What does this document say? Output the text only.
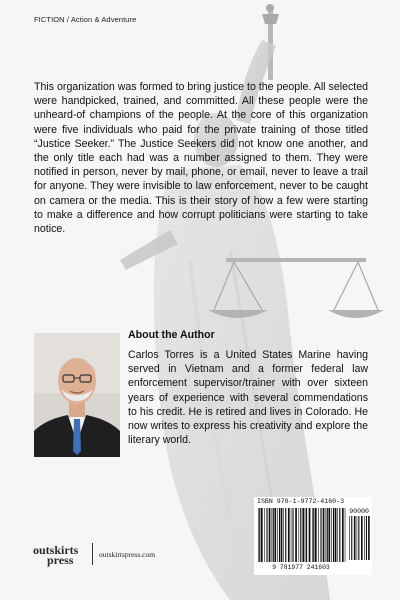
FICTION / Action & Adventure

This organization was formed to bring justice to the people. All selected were handpicked, trained, and committed. All these people were the unheard-of champions of the people. At the core of this organization were five individuals who paid for the private training of those titled “Justice Seeker.” The Justice Seekers did not know one another, and the only title each had was a number assigned to them. They were notified in person, never by mail, phone, or email, never to leave a trail for anyone. They were invisible to law enforcement, never to be caught on camera or the media. This is their story of how a few were starting to make a difference and how corrupt politicians were starting to take notice.

About the Author

Carlos Torres is a United States Marine having served in Vietnam and a former federal law enforcement supervisor/trainer with over sixteen years of experience with several commendations to his credit. He is retired and lives in Colorado. He now writes to express his creativity and explore the literary world.

ISBN 978-1-9772-4160-3
90000
9 781977 241603
outskirts
press	outskirtspress.com
